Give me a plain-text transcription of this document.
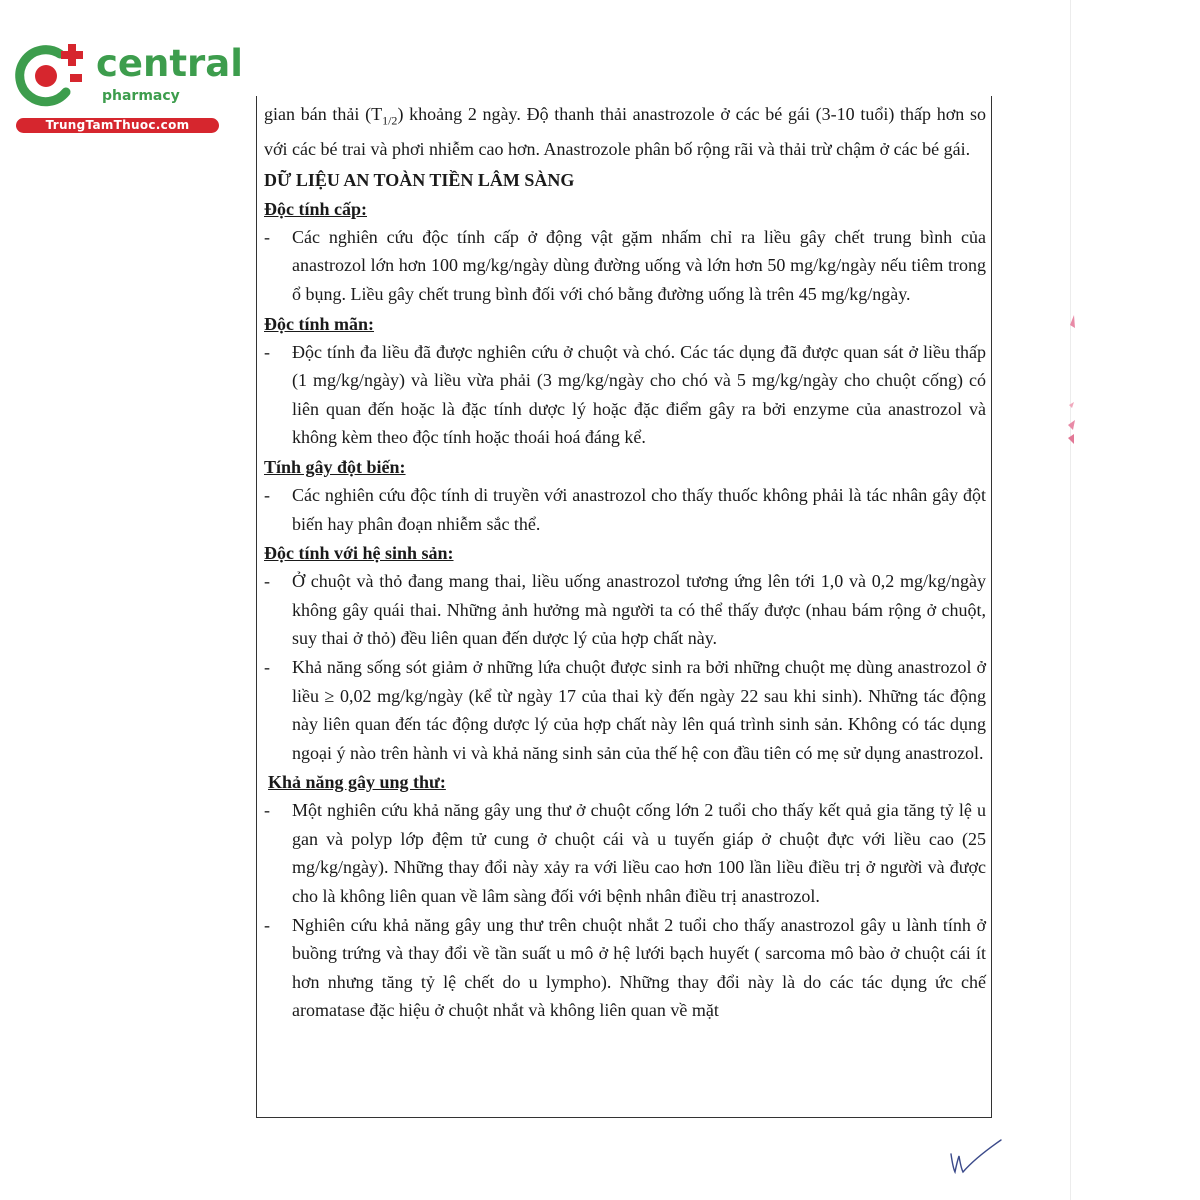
central
pharmacy
TrungTamThuoc.com

gian bán thải $(T_{1/2})$ khoảng 2 ngày. Độ thanh thải anastrozole ở các bé gái (3-10 tuổi) thấp hơn so với các bé trai và phơi nhiễm cao hơn. Anastrozole phân bố rộng rãi và thải trừ chậm ở các bé gái.

DỮ LIỆU AN TOÀN TIỀN LÂM SÀNG
Độc tính cấp:
- Các nghiên cứu độc tính cấp ở động vật gặm nhấm chỉ ra liều gây chết trung bình của anastrozol lớn hơn 100 mg/kg/ngày dùng đường uống và lớn hơn 50 mg/kg/ngày nếu tiêm trong ổ bụng. Liều gây chết trung bình đối với chó bằng đường uống là trên 45 mg/kg/ngày.
Độc tính mãn:
- Độc tính đa liều đã được nghiên cứu ở chuột và chó. Các tác dụng đã được quan sát ở liều thấp (1 mg/kg/ngày) và liều vừa phải (3 mg/kg/ngày cho chó và 5 mg/kg/ngày cho chuột cống) có liên quan đến hoặc là đặc tính dược lý hoặc đặc điểm gây ra bởi enzyme của anastrozol và không kèm theo độc tính hoặc thoái hoá đáng kể.
Tính gây đột biến:
- Các nghiên cứu độc tính di truyền với anastrozol cho thấy thuốc không phải là tác nhân gây đột biến hay phân đoạn nhiễm sắc thể.
Độc tính với hệ sinh sản:
- Ở chuột và thỏ đang mang thai, liều uống anastrozol tương ứng lên tới 1,0 và 0,2 mg/kg/ngày không gây quái thai. Những ảnh hưởng mà người ta có thể thấy được (nhau bám rộng ở chuột, suy thai ở thỏ) đều liên quan đến dược lý của hợp chất này.
- Khả năng sống sót giảm ở những lứa chuột được sinh ra bởi những chuột mẹ dùng anastrozol ở liều ≥ 0,02 mg/kg/ngày (kể từ ngày 17 của thai kỳ đến ngày 22 sau khi sinh). Những tác động này liên quan đến tác động dược lý của hợp chất này lên quá trình sinh sản. Không có tác dụng ngoại ý nào trên hành vi và khả năng sinh sản của thế hệ con đầu tiên có mẹ sử dụng anastrozol.
Khả năng gây ung thư:
- Một nghiên cứu khả năng gây ung thư ở chuột cống lớn 2 tuổi cho thấy kết quả gia tăng tỷ lệ u gan và polyp lớp đệm tử cung ở chuột cái và u tuyến giáp ở chuột đực với liều cao (25 mg/kg/ngày). Những thay đổi này xảy ra với liều cao hơn 100 lần liều điều trị ở người và được cho là không liên quan về lâm sàng đối với bệnh nhân điều trị anastrozol.
- Nghiên cứu khả năng gây ung thư trên chuột nhắt 2 tuổi cho thấy anastrozol gây u lành tính ở buồng trứng và thay đổi về tần suất u mô ở hệ lưới bạch huyết ( sarcoma mô bào ở chuột cái ít hơn nhưng tăng tỷ lệ chết do u lympho). Những thay đổi này là do các tác dụng ức chế aromatase đặc hiệu ở chuột nhắt và không liên quan về mặt
